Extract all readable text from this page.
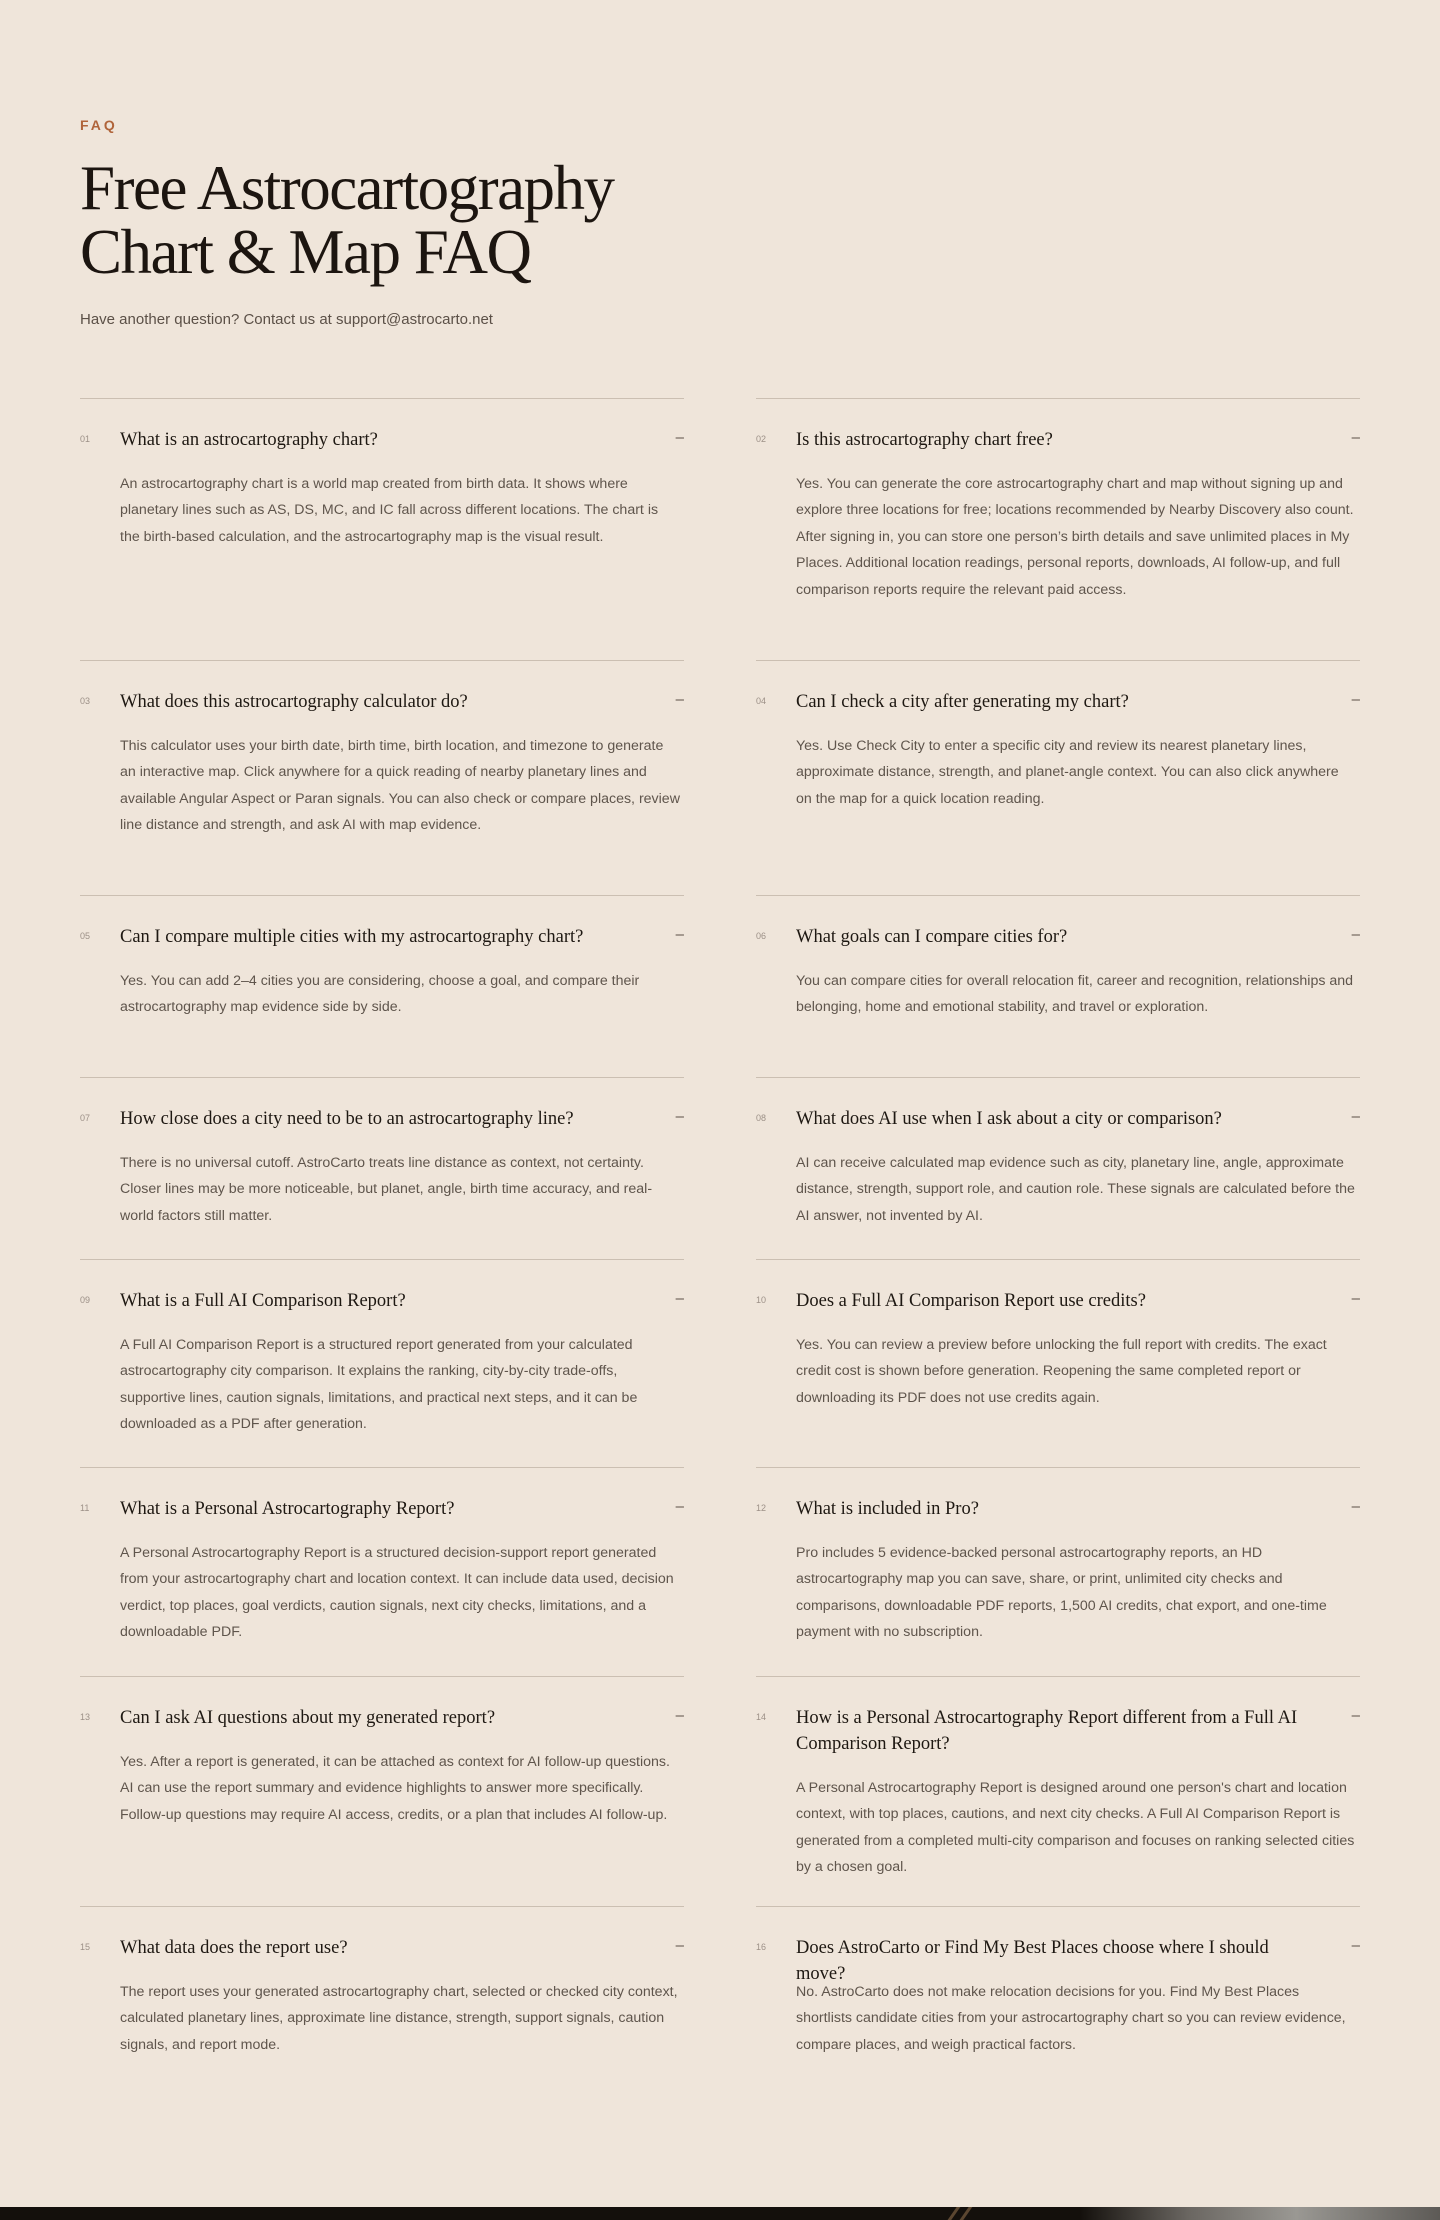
FAQ
Free Astrocartography
Chart & Map FAQ

Have another question? Contact us at support@astrocarto.net

01 What is an astrocartography chart?	–
An astrocartography chart is a world map created from birth data. It shows where planetary lines such as AS, DS, MC, and IC fall across different locations. The chart is the birth-based calculation, and the astrocartography map is the visual result.
03 What does this astrocartography calculator do?	–
This calculator uses your birth date, birth time, birth location, and timezone to generate an interactive map. Click anywhere for a quick reading of nearby planetary lines and available Angular Aspect or Paran signals. You can also check or compare places, review line distance and strength, and ask AI with map evidence.
05 Can I compare multiple cities with my astrocartography chart?	–
Yes. You can add 2–4 cities you are considering, choose a goal, and compare their astrocartography map evidence side by side.
07 How close does a city need to be to an astrocartography line?	–
There is no universal cutoff. AstroCarto treats line distance as context, not certainty. Closer lines may be more noticeable, but planet, angle, birth time accuracy, and real-world factors still matter.
09 What is a Full AI Comparison Report?	–
A Full AI Comparison Report is a structured report generated from your calculated astrocartography city comparison. It explains the ranking, city-by-city trade-offs, supportive lines, caution signals, limitations, and practical next steps, and it can be downloaded as a PDF after generation.
11 What is a Personal Astrocartography Report?	–
A Personal Astrocartography Report is a structured decision-support report generated from your astrocartography chart and location context. It can include data used, decision verdict, top places, goal verdicts, caution signals, next city checks, limitations, and a downloadable PDF.
13 Can I ask AI questions about my generated report?	–
Yes. After a report is generated, it can be attached as context for AI follow-up questions. AI can use the report summary and evidence highlights to answer more specifically. Follow-up questions may require AI access, credits, or a plan that includes AI follow-up.
15 What data does the report use?	–
The report uses your generated astrocartography chart, selected or checked city context, calculated planetary lines, approximate line distance, strength, support signals, caution signals, and report mode.
02 Is this astrocartography chart free?	–
Yes. You can generate the core astrocartography chart and map without signing up and explore three locations for free; locations recommended by Nearby Discovery also count. After signing in, you can store one person’s birth details and save unlimited places in My Places. Additional location readings, personal reports, downloads, AI follow-up, and full comparison reports require the relevant paid access.
04 Can I check a city after generating my chart?	–
Yes. Use Check City to enter a specific city and review its nearest planetary lines, approximate distance, strength, and planet-angle context. You can also click anywhere on the map for a quick location reading.
06 What goals can I compare cities for?	–
You can compare cities for overall relocation fit, career and recognition, relationships and belonging, home and emotional stability, and travel or exploration.
08 What does AI use when I ask about a city or comparison?	–
AI can receive calculated map evidence such as city, planetary line, angle, approximate distance, strength, support role, and caution role. These signals are calculated before the AI answer, not invented by AI.
10 Does a Full AI Comparison Report use credits?	–
Yes. You can review a preview before unlocking the full report with credits. The exact credit cost is shown before generation. Reopening the same completed report or downloading its PDF does not use credits again.
12 What is included in Pro?	–
Pro includes 5 evidence-backed personal astrocartography reports, an HD astrocartography map you can save, share, or print, unlimited city checks and comparisons, downloadable PDF reports, 1,500 AI credits, chat export, and one-time payment with no subscription.
14 How is a Personal Astrocartography Report different from a Full AI Comparison Report?
–
A Personal Astrocartography Report is designed around one person's chart and location context, with top places, cautions, and next city checks. A Full AI Comparison Report is generated from a completed multi-city comparison and focuses on ranking selected cities by a chosen goal.
16 Does AstroCarto or Find My Best Places choose where I should move?
–
No. AstroCarto does not make relocation decisions for you. Find My Best Places shortlists candidate cities from your astrocartography chart so you can review evidence, compare places, and weigh practical factors.
